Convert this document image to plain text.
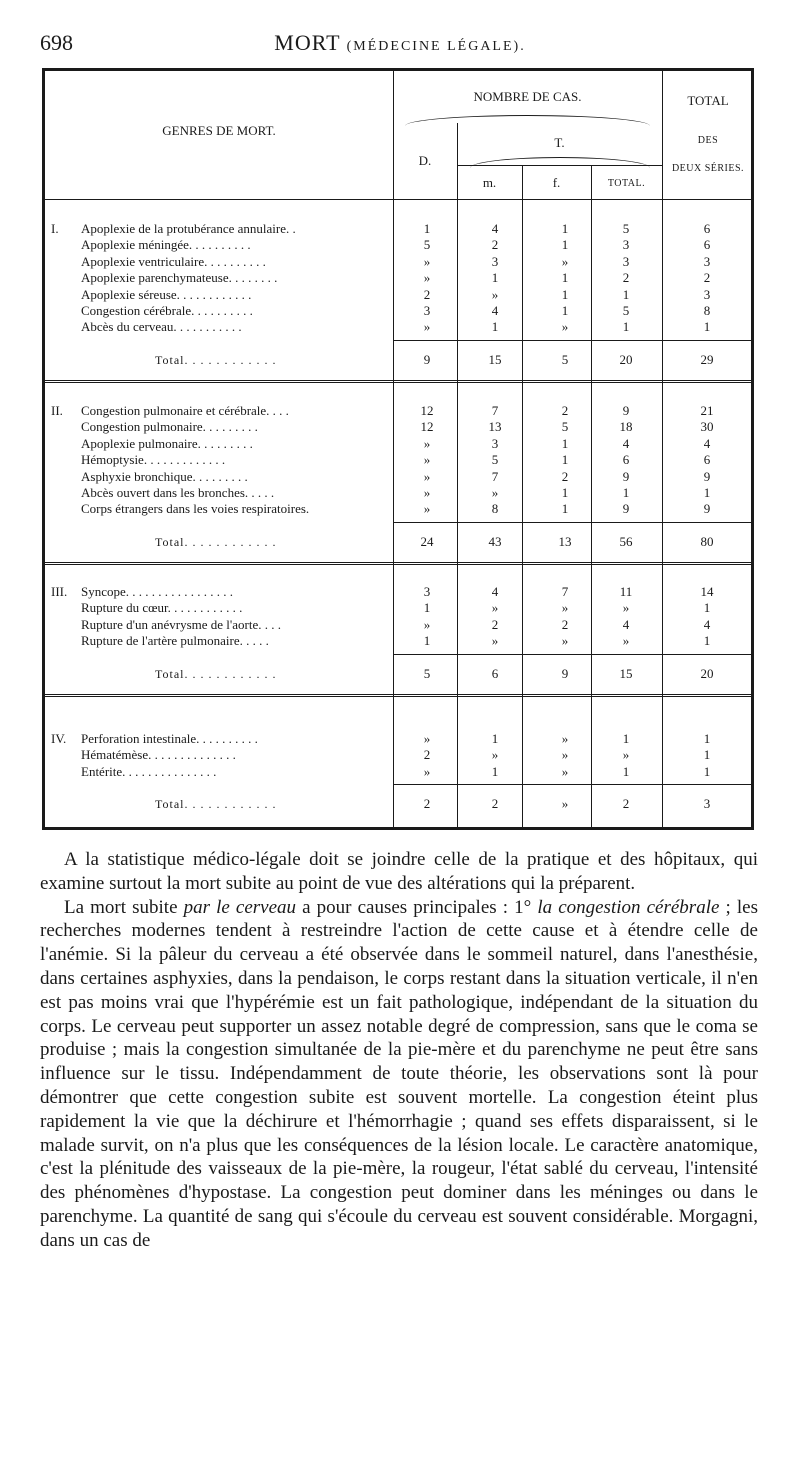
698	MORT (MÉDECINE LÉGALE).
GENRES DE MORT.
NOMBRE DE CAS.
D.
T.
m.	f.	TOTAL.
TOTAL
DES
DEUX SÉRIES.
I. Apoplexie de la protubérance annulaire. .	1	4	1	5	6
Apoplexie méningée. . . . . . . . . .	5	2	1	3	6
Apoplexie ventriculaire. . . . . . . . . .	»	3	»	3	3
Apoplexie parenchymateuse. . . . . . . .	»	1	1	2	2
Apoplexie séreuse. . . . . . . . . . . .	2	»	1	1	3
Congestion cérébrale. . . . . . . . . .	3	4	1	5	8
Abcès du cerveau. . . . . . . . . . .	»	1	»	1	1
Total. . . . . . . . . . . .	9	15	5	20	29
II. Congestion pulmonaire et cérébrale. . . .	12	7	2	9	21
Congestion pulmonaire. . . . . . . . .	12	13	5	18	30
Apoplexie pulmonaire. . . . . . . . .	»	3	1	4	4
Hémoptysie. . . . . . . . . . . . .	»	5	1	6	6
Asphyxie bronchique. . . . . . . . .	»	7	2	9	9
Abcès ouvert dans les bronches. . . . .	»	»	1	1	1
Corps étrangers dans les voies respiratoires.	»	8	1	9	9
Total. . . . . . . . . . . .	24	43	13	56	80
III. Syncope. . . . . . . . . . . . . . . . .	3	4	7	11	14
Rupture du cœur. . . . . . . . . . . .	1	»	»	»	1
Rupture d'un anévrysme de l'aorte. . . .	»	2	2	4	4
Rupture de l'artère pulmonaire. . . . .	1	»	»	»	1
Total. . . . . . . . . . . .	5	6	9	15	20
IV. Perforation intestinale. . . . . . . . . .	»	1	»	1	1
Hématémèse. . . . . . . . . . . . . .	2	»	»	»	1
Entérite. . . . . . . . . . . . . . .	»	1	»	1	1
Total. . . . . . . . . . . .	2	2	»	2	3

A la statistique médico-légale doit se joindre celle de la pratique et des hôpitaux, qui examine surtout la mort subite au point de vue des altérations qui la préparent.

La mort subite par le cerveau a pour causes principales : 1° la congestion cérébrale ; les recherches modernes tendent à restreindre l'action de cette cause et à étendre celle de l'anémie. Si la pâleur du cerveau a été observée dans le sommeil naturel, dans l'anesthésie, dans certaines asphyxies, dans la pendaison, le corps restant dans la situation verticale, il n'en est pas moins vrai que l'hypérémie est un fait pathologique, indépendant de la situation du corps. Le cerveau peut supporter un assez notable degré de compression, sans que le coma se produise ; mais la congestion simultanée de la pie-mère et du parenchyme ne peut être sans influence sur le tissu. Indépendamment de toute théorie, les observations sont là pour démontrer que cette congestion subite est souvent mortelle. La congestion éteint plus rapidement la vie que la déchirure et l'hémorrhagie ; quand ses effets disparaissent, si le malade survit, on n'a plus que les conséquences de la lésion locale. Le caractère anatomique, c'est la plénitude des vaisseaux de la pie-mère, la rougeur, l'état sablé du cerveau, l'intensité des phénomènes d'hypostase. La congestion peut dominer dans les méninges ou dans le parenchyme. La quantité de sang qui s'écoule du cerveau est souvent considérable. Morgagni, dans un cas de
